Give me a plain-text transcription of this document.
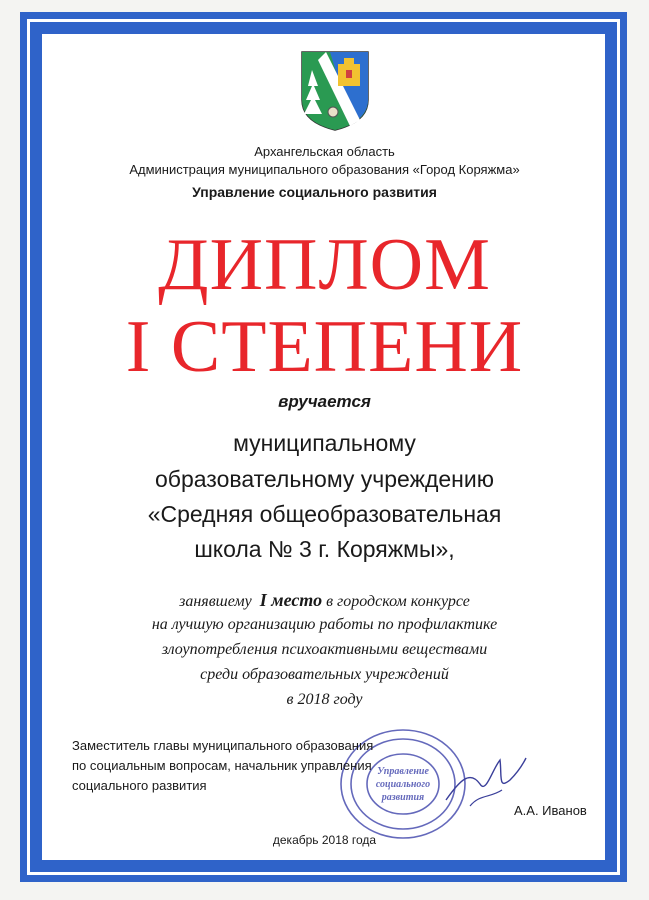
Архангельская область
Администрация муниципального образования «Город Коряжма»
Управление социального развития
ДИПЛОМ
I СТЕПЕНИ
вручается
муниципальному
образовательному учреждению
«Средняя общеобразовательная
школа № 3 г. Коряжмы»,
занявшему I место в городском конкурсе
на лучшую организацию работы по профилактике
злоупотребления психоактивными веществами
среди образовательных учреждений
в 2018 году
Управление
социального
развития
Заместитель главы муниципального образования
по социальным вопросам, начальник управления
социального развития
А.А. Иванов
декабрь 2018 года
